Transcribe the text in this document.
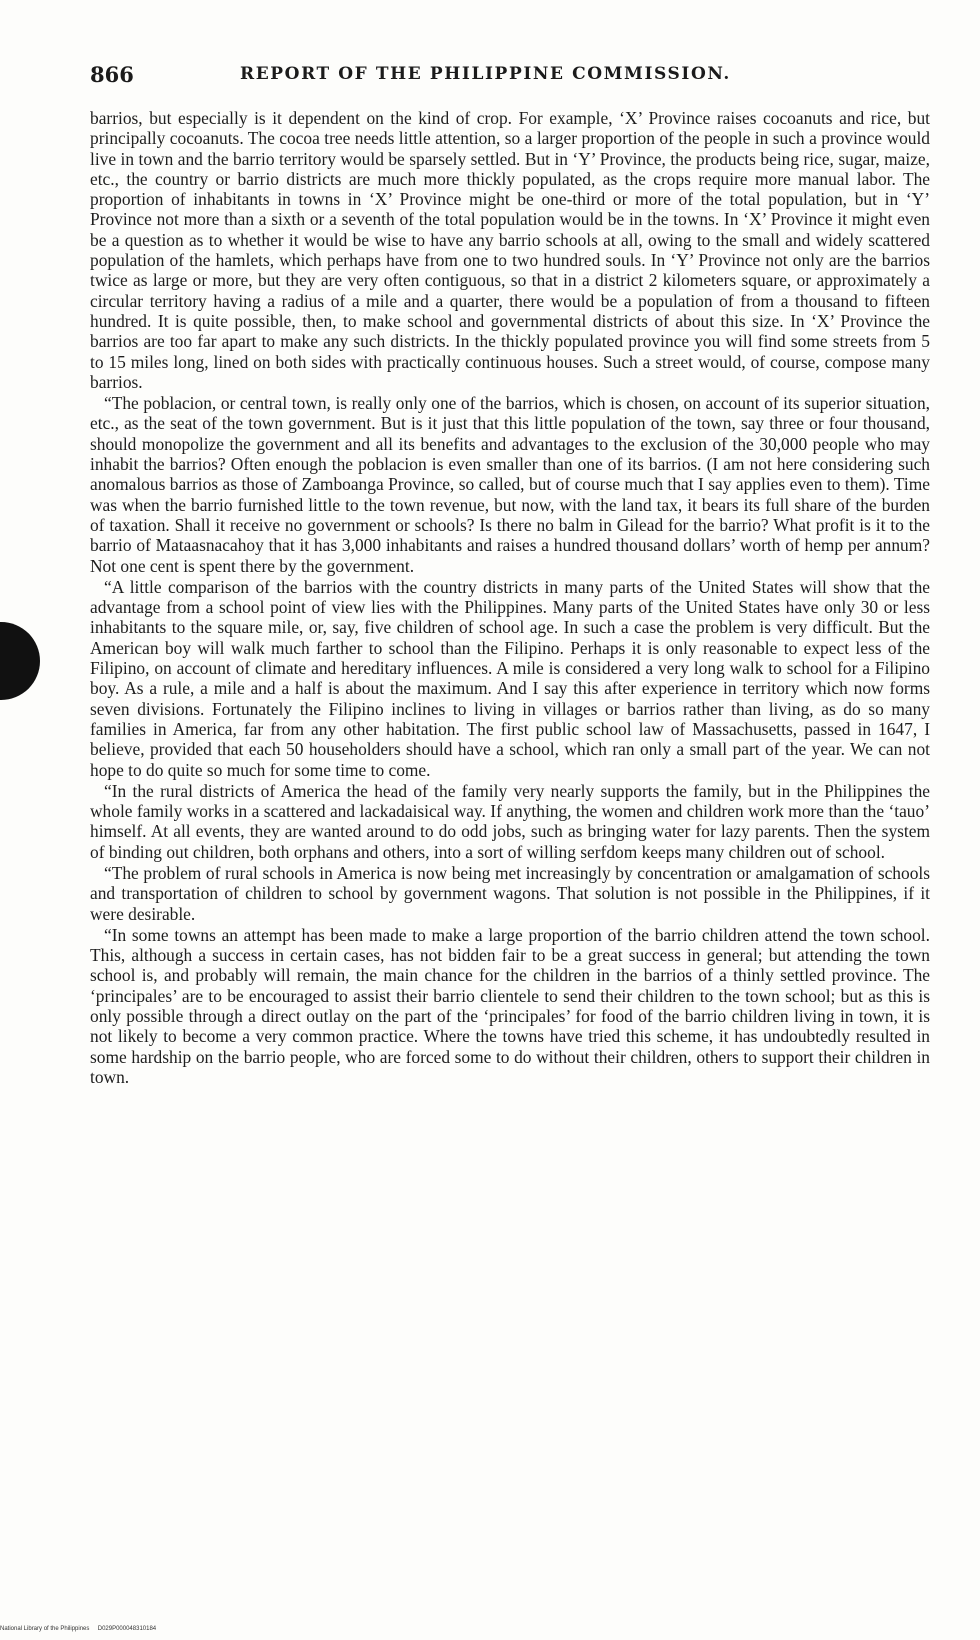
866	REPORT OF THE PHILIPPINE COMMISSION.

barrios, but especially is it dependent on the kind of crop. For example, ‘X’ Province raises cocoanuts and rice, but principally cocoanuts. The cocoa tree needs little attention, so a larger proportion of the people in such a province would live in town and the barrio territory would be sparsely settled. But in ‘Y’ Province, the products being rice, sugar, maize, etc., the country or barrio districts are much more thickly populated, as the crops require more manual labor. The proportion of inhabitants in towns in ‘X’ Province might be one-third or more of the total population, but in ‘Y’ Province not more than a sixth or a seventh of the total population would be in the towns. In ‘X’ Province it might even be a question as to whether it would be wise to have any barrio schools at all, owing to the small and widely scattered population of the hamlets, which perhaps have from one to two hundred souls. In ‘Y’ Province not only are the barrios twice as large or more, but they are very often contiguous, so that in a district 2 kilometers square, or approximately a circular territory having a radius of a mile and a quarter, there would be a population of from a thousand to fifteen hundred. It is quite possible, then, to make school and governmental districts of about this size. In ‘X’ Province the barrios are too far apart to make any such districts. In the thickly populated province you will find some streets from 5 to 15 miles long, lined on both sides with practically continuous houses. Such a street would, of course, compose many barrios.

“The poblacion, or central town, is really only one of the barrios, which is chosen, on account of its superior situation, etc., as the seat of the town government. But is it just that this little population of the town, say three or four thousand, should monopolize the government and all its benefits and advantages to the exclusion of the 30,000 people who may inhabit the barrios? Often enough the poblacion is even smaller than one of its barrios. (I am not here considering such anomalous barrios as those of Zamboanga Province, so called, but of course much that I say applies even to them). Time was when the barrio furnished little to the town revenue, but now, with the land tax, it bears its full share of the burden of taxation. Shall it receive no government or schools? Is there no balm in Gilead for the barrio? What profit is it to the barrio of Mataasnacahoy that it has 3,000 inhabitants and raises a hundred thousand dollars’ worth of hemp per annum? Not one cent is spent there by the government.

“A little comparison of the barrios with the country districts in many parts of the United States will show that the advantage from a school point of view lies with the Philippines. Many parts of the United States have only 30 or less inhabitants to the square mile, or, say, five children of school age. In such a case the problem is very difficult. But the American boy will walk much farther to school than the Filipino. Perhaps it is only reasonable to expect less of the Filipino, on account of climate and hereditary influences. A mile is considered a very long walk to school for a Filipino boy. As a rule, a mile and a half is about the maximum. And I say this after experience in territory which now forms seven divisions. Fortunately the Filipino inclines to living in villages or barrios rather than living, as do so many families in America, far from any other habitation. The first public school law of Massachusetts, passed in 1647, I believe, provided that each 50 householders should have a school, which ran only a small part of the year. We can not hope to do quite so much for some time to come.

“In the rural districts of America the head of the family very nearly supports the family, but in the Philippines the whole family works in a scattered and lackadaisical way. If anything, the women and children work more than the ‘tauo’ himself. At all events, they are wanted around to do odd jobs, such as bringing water for lazy parents. Then the system of binding out children, both orphans and others, into a sort of willing serfdom keeps many children out of school.

“The problem of rural schools in America is now being met increasingly by concentration or amalgamation of schools and transportation of children to school by government wagons. That solution is not possible in the Philippines, if it were desirable.

“In some towns an attempt has been made to make a large proportion of the barrio children attend the town school. This, although a success in certain cases, has not bidden fair to be a great success in general; but attending the town school is, and probably will remain, the main chance for the children in the barrios of a thinly settled province. The ‘principales’ are to be encouraged to assist their barrio clientele to send their children to the town school; but as this is only possible through a direct outlay on the part of the ‘principales’ for food of the barrio children living in town, it is not likely to become a very common practice. Where the towns have tried this scheme, it has undoubtedly resulted in some hardship on the barrio people, who are forced some to do without their children, others to support their children in town.

National Library of the Philippines D029P000048310184
